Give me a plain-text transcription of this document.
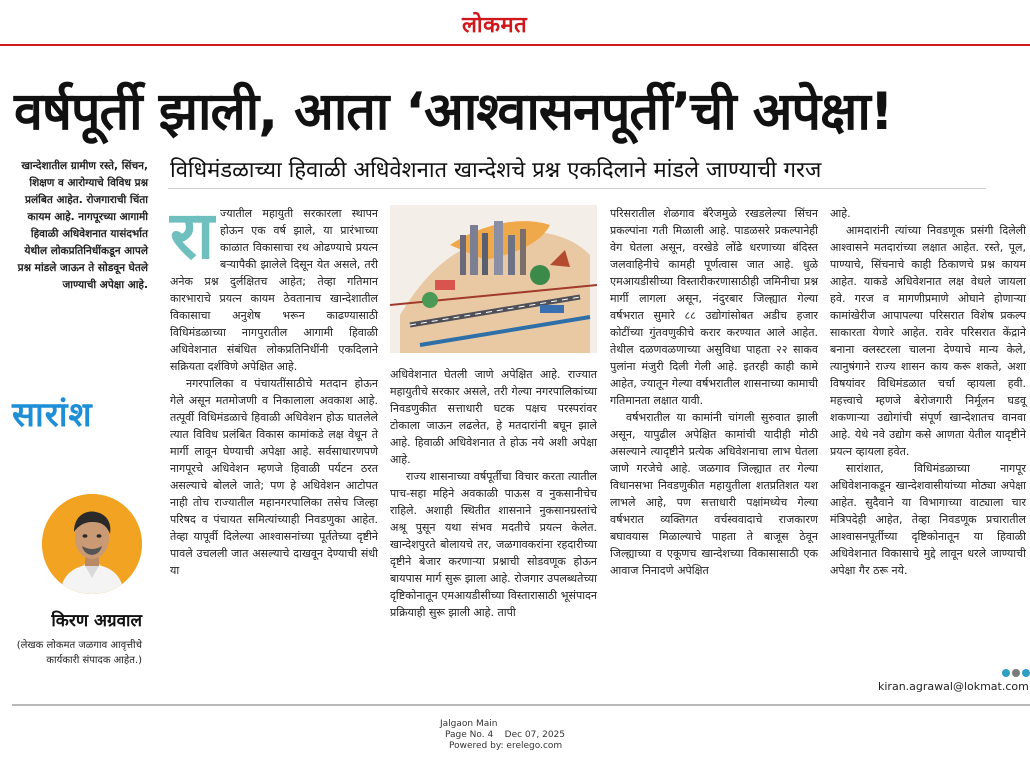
लोकमत
वर्षपूर्ती झाली, आता ‘आश्वासनपूर्ती’ची अपेक्षा!
विधिमंडळाच्या हिवाळी अधिवेशनात खान्देशचे प्रश्न एकदिलाने मांडले जाण्याची गरज
खान्देशातील ग्रामीण रस्ते, सिंचन, शिक्षण व आरोग्याचे विविध प्रश्न प्रलंबित आहेत. रोजगाराची चिंता कायम आहे. नागपूरच्या आगामी हिवाळी अधिवेशनात यासंदर्भात येथील लोकप्रतिनिधींकडून आपले प्रश्न मांडले जाऊन ते सोडवून घेतले जाण्याची अपेक्षा आहे.
सारांश
किरण अग्रवाल
(लेखक लोकमत जळगाव आवृत्तीचे कार्यकारी संपादक आहेत.)
रा ज्यातील महायुती सरकारला स्थापन होऊन एक वर्ष झाले, या प्रारंभाच्या काळात विकासाचा रथ ओढण्याचे प्रयत्न बऱ्यापैकी झालेले दिसून येत असले, तरी अनेक प्रश्न दुर्लक्षितच आहेत; तेव्हा गतिमान कारभाराचे प्रयत्न कायम ठेवतानाच खान्देशातील विकासाचा अनुशेष भरून काढण्यासाठी विधिमंडळाच्या नागपुरातील आगामी हिवाळी अधिवेशनात संबंधित लोकप्रतिनिधींनी एकदिलाने सक्रियता दर्शविणे अपेक्षित आहे.

नगरपालिका व पंचायतींसाठीचे मतदान होऊन गेले असून मतमोजणी व निकालाला अवकाश आहे. तत्पूर्वी विधिमंडळाचे हिवाळी अधिवेशन होऊ घातलेले त्यात विविध प्रलंबित विकास कामांकडे लक्ष वेधून ते मार्गी लावून घेण्याची अपेक्षा आहे. सर्वसाधारणपणे नागपूरचे अधिवेशन म्हणजे हिवाळी पर्यटन ठरत असल्याचे बोलले जाते; पण हे अधिवेशन आटोपत नाही तोच राज्यातील महानगरपालिका तसेच जिल्हा परिषद व पंचायत समित्यांच्याही निवडणुका आहेत. तेव्हा यापूर्वी दिलेल्या आश्वासनांच्या पूर्ततेच्या दृष्टीने पावले उचलली जात असल्याचे दाखवून देण्याची संधी या

अधिवेशनात घेतली जाणे अपेक्षित आहे. राज्यात महायुतीचे सरकार असले, तरी गेल्या नगरपालिकांच्या निवडणुकीत सत्ताधारी घटक पक्षच परस्परांवर टोकाला जाऊन लढलेत, हे मतदारांनी बघून झाले आहे. हिवाळी अधिवेशनात ते होऊ नये अशी अपेक्षा आहे.

राज्य शासनाच्या वर्षपूर्तीचा विचार करता त्यातील पाच-सहा महिने अवकाळी पाऊस व नुकसानीचेच राहिले. अशाही स्थितीत शासनाने नुकसानग्रस्तांचे अश्रू पुसून यथा संभव मदतीचे प्रयत्न केलेत. खान्देशपुरते बोलायचे तर, जळगावकरांना रहदारीच्या दृष्टीने बेजार करणाऱ्या प्रश्नाची सोडवणूक होऊन बायपास मार्ग सुरू झाला आहे. रोजगार उपलब्धतेच्या दृष्टिकोनातून एमआयडीसीच्या विस्तारासाठी भूसंपादन प्रक्रियाही सुरू झाली आहे. तापी

परिसरातील शेळगाव बॅरेजमुळे रखडलेल्या सिंचन प्रकल्पांना गती मिळाली आहे. पाडळसरे प्रकल्पानेही वेग घेतला असून, वरखेडे लोंढे धरणाच्या बंदिस्त जलवाहिनीचे कामही पूर्णत्वास जात आहे. धुळे एमआयडीसीच्या विस्तारीकरणासाठीही जमिनीचा प्रश्न मार्गी लागला असून, नंदुरबार जिल्ह्यात गेल्या वर्षभरात सुमारे ८८ उद्योगांसोबत अडीच हजार कोटींच्या गुंतवणुकीचे करार करण्यात आले आहेत. तेथील दळणवळणाच्या असुविधा पाहता २२ साकव पुलांना मंजुरी दिली गेली आहे. इतरही काही कामे आहेत, ज्यातून गेल्या वर्षभरातील शासनाच्या कामाची गतिमानता लक्षात यावी.

वर्षभरातील या कामांनी चांगली सुरुवात झाली असून, यापुढील अपेक्षित कामांची यादीही मोठी असल्याने त्यादृष्टीने प्रत्येक अधिवेशनाचा लाभ घेतला जाणे गरजेचे आहे. जळगाव जिल्ह्यात तर गेल्या विधानसभा निवडणुकीत महायुतीला शतप्रतिशत यश लाभले आहे, पण सत्ताधारी पक्षांमध्येच गेल्या वर्षभरात व्यक्तिगत वर्चस्ववादाचे राजकारण बघावयास मिळाल्याचे पाहता ते बाजूस ठेवून जिल्ह्याच्या व एकूणच खान्देशच्या विकासासाठी एक आवाज निनादणे अपेक्षित

आहे.

आमदारांनी त्यांच्या निवडणूक प्रसंगी दिलेली आश्वासने मतदारांच्या लक्षात आहेत. रस्ते, पूल, पाण्याचे, सिंचनाचे काही ठिकाणचे प्रश्न कायम आहेत. याकडे अधिवेशनात लक्ष वेधले जायला हवे. गरज व मागणीप्रमाणे ओघाने होणाऱ्या कामांखेरीज आपापल्या परिसरात विशेष प्रकल्प साकारता येणारे आहेत. रावेर परिसरात केंद्राने बनाना क्लस्टरला चालना देण्याचे मान्य केले, त्यानुषंगाने राज्य शासन काय करू शकते, अशा विषयांवर विधिमंडळात चर्चा व्हायला हवी. महत्त्वाचे म्हणजे बेरोजगारी निर्मूलन घडवू शकणाऱ्या उद्योगांची संपूर्ण खान्देशातच वानवा आहे. येथे नवे उद्योग कसे आणता येतील यादृष्टीने प्रयत्न व्हायला हवेत.

सारांशात, विधिमंडळाच्या नागपूर अधिवेशनाकडून खान्देशवासीयांच्या मोठ्या अपेक्षा आहेत. सुदैवाने या विभागाच्या वाट्याला चार मंत्रिपदेही आहेत, तेव्हा निवडणूक प्रचारातील आश्वासनपूर्तीच्या दृष्टिकोनातून या हिवाळी अधिवेशनात विकासाचे मुद्दे लावून धरले जाण्याची अपेक्षा गैर ठरू नये.

kiran.agrawal@lokmat.com
Jalgaon Main
Page No. 4 Dec 07, 2025
Powered by: erelego.com
